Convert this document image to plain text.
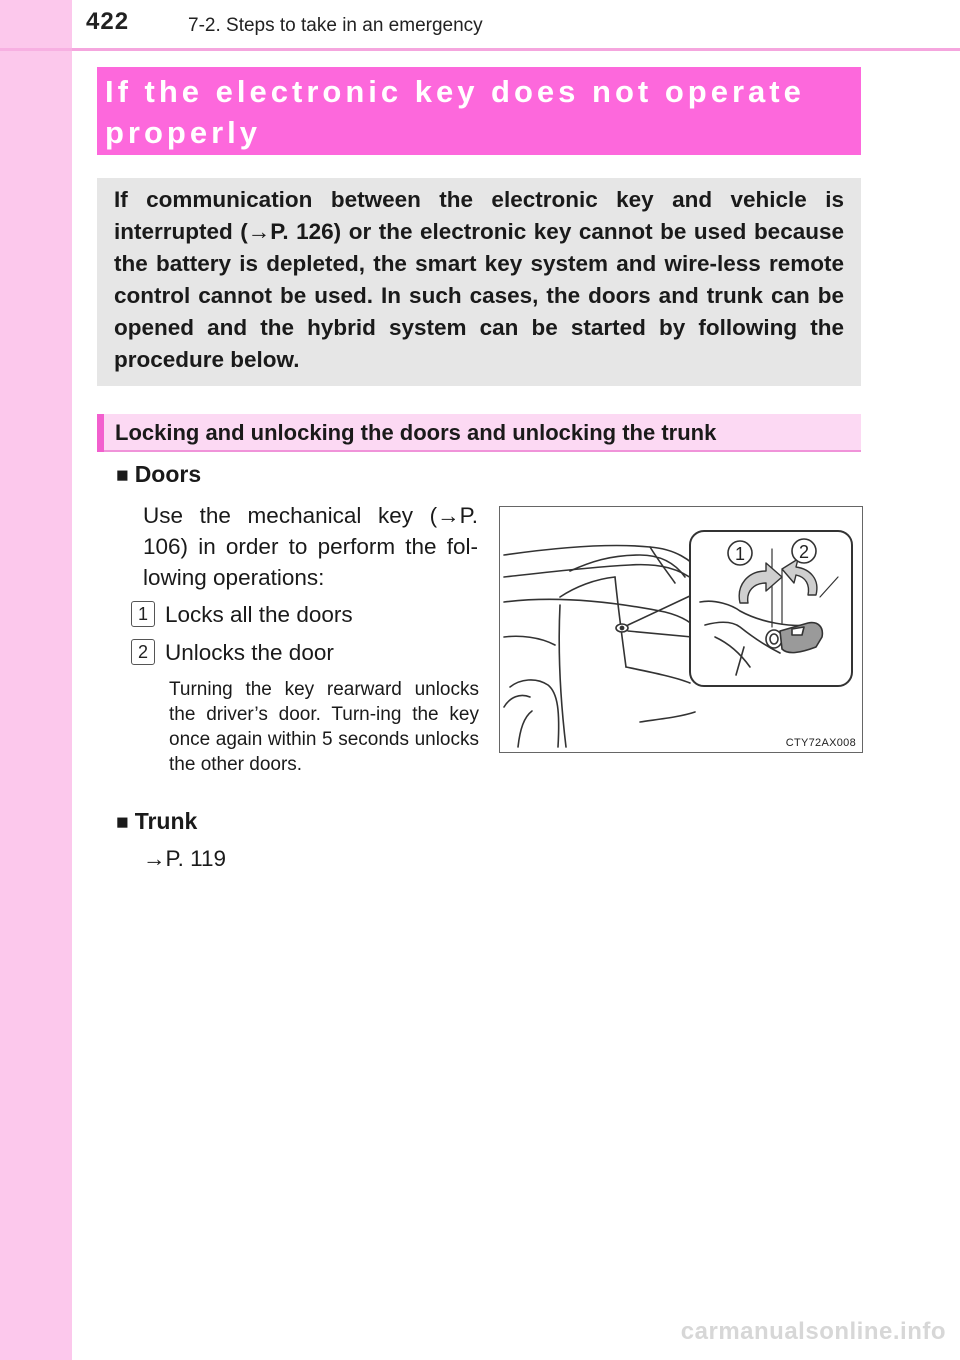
422	7-2. Steps to take in an emergency
If the electronic key does not operate properly
If communication between the electronic key and vehicle is interrupted (→P. 126) or the electronic key cannot be used because the battery is depleted, the smart key system and wire-less remote control cannot be used. In such cases, the doors and trunk can be opened and the hybrid system can be started by following the procedure below.
Locking and unlocking the doors and unlocking the trunk
■ Doors
Use the mechanical key (→P. 106) in order to perform the fol-lowing operations:
1 Locks all the doors
2 Unlocks the door
Turning the key rearward unlocks the driver’s door. Turn-ing the key once again within 5 seconds unlocks the other doors.
■ Trunk
→P. 119
1	2
CTY72AX008
carmanualsonline.info
